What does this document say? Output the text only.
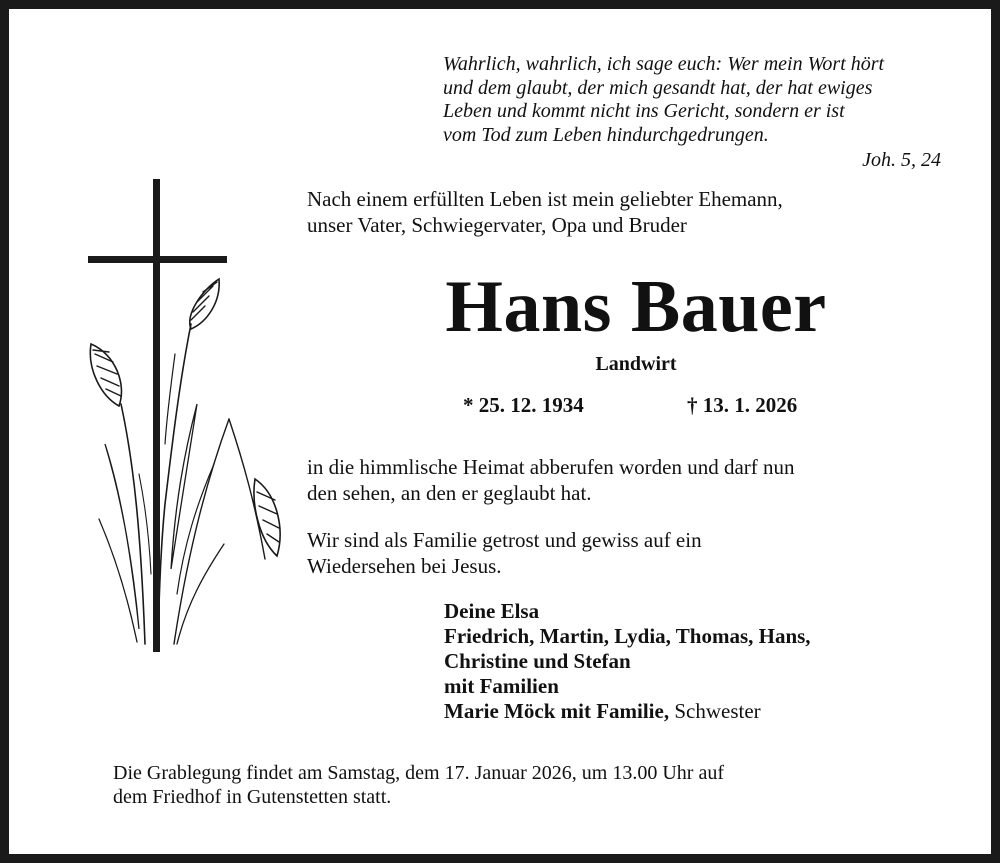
Wahrlich, wahrlich, ich sage euch: Wer mein Wort hört
und dem glaubt, der mich gesandt hat, der hat ewiges
Leben und kommt nicht ins Gericht, sondern er ist
vom Tod zum Leben hindurchgedrungen.
Joh. 5, 24
Nach einem erfüllten Leben ist mein geliebter Ehemann,
unser Vater, Schwiegervater, Opa und Bruder
Hans Bauer
Landwirt
* 25. 12. 1934	† 13. 1. 2026
in die himmlische Heimat abberufen worden und darf nun
den sehen, an den er geglaubt hat.
Wir sind als Familie getrost und gewiss auf ein
Wiedersehen bei Jesus.
Deine Elsa
Friedrich, Martin, Lydia, Thomas, Hans,
Christine und Stefan
mit Familien
Marie Möck mit Familie, Schwester
Die Grablegung findet am Samstag, dem 17. Januar 2026, um 13.00 Uhr auf
dem Friedhof in Gutenstetten statt.
